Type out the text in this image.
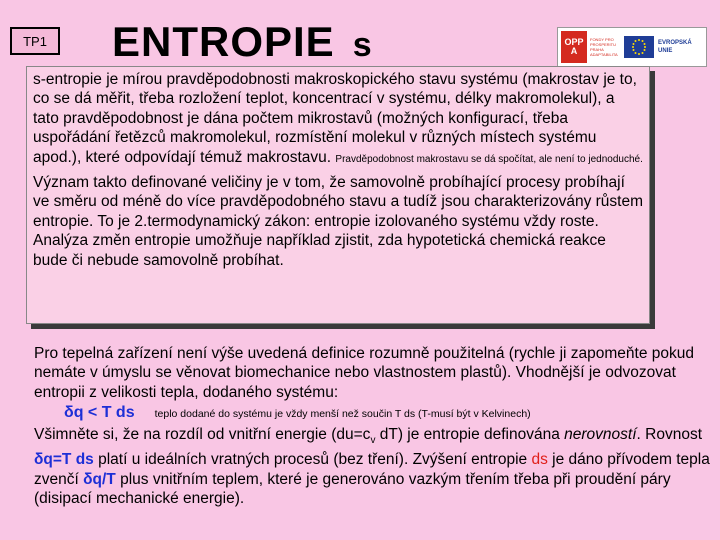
TP1	ENTROPIE s	OPP
A
FONDY PRO PROSPERITU PRAHA ADAPTABILITA
EVROPSKÁ UNIE

s-entropie je mírou pravděpodobnosti makroskopického stavu systému (makrostav je to, co se dá měřit, třeba rozložení teplot, koncentrací v systému, délky makromolekul), a tato pravděpodobnost je dána počtem mikrostavů (možných konfigurací, třeba uspořádání řetězců makromolekul, rozmístění molekul v různých místech systému apod.), které odpovídají témuž makrostavu. Pravděpodobnost makrostavu se dá spočítat, ale není to jednoduché.

Význam takto definované veličiny je v tom, že samovolně probíhající procesy probíhají ve směru od méně do více pravděpodobného stavu a tudíž jsou charakterizovány růstem entropie. To je 2.termodynamický zákon: entropie izolovaného systému vždy roste. Analýza změn entropie umožňuje například zjistit, zda hypotetická chemická reakce bude či nebude samovolně probíhat.

Pro tepelná zařízení není výše uvedená definice rozumně použitelná (rychle ji zapomeňte pokud nemáte v úmyslu se věnovat biomechanice nebo vlastnostem plastů). Vhodnější je odvozovat entropii z velikosti tepla, dodaného systému:

δq < T ds teplo dodané do systému je vždy menší než součin T ds (T-musí být v Kelvinech)

Všimněte si, že na rozdíl od vnitřní energie ($du=c_v$ dT) je entropie definována nerovností. Rovnost δq=T ds platí u ideálních vratných procesů (bez tření). Zvýšení entropie ds je dáno přívodem tepla zvenčí δq/T plus vnitřním teplem, které je generováno vazkým třením třeba při proudění páry (disipací mechanické energie).
